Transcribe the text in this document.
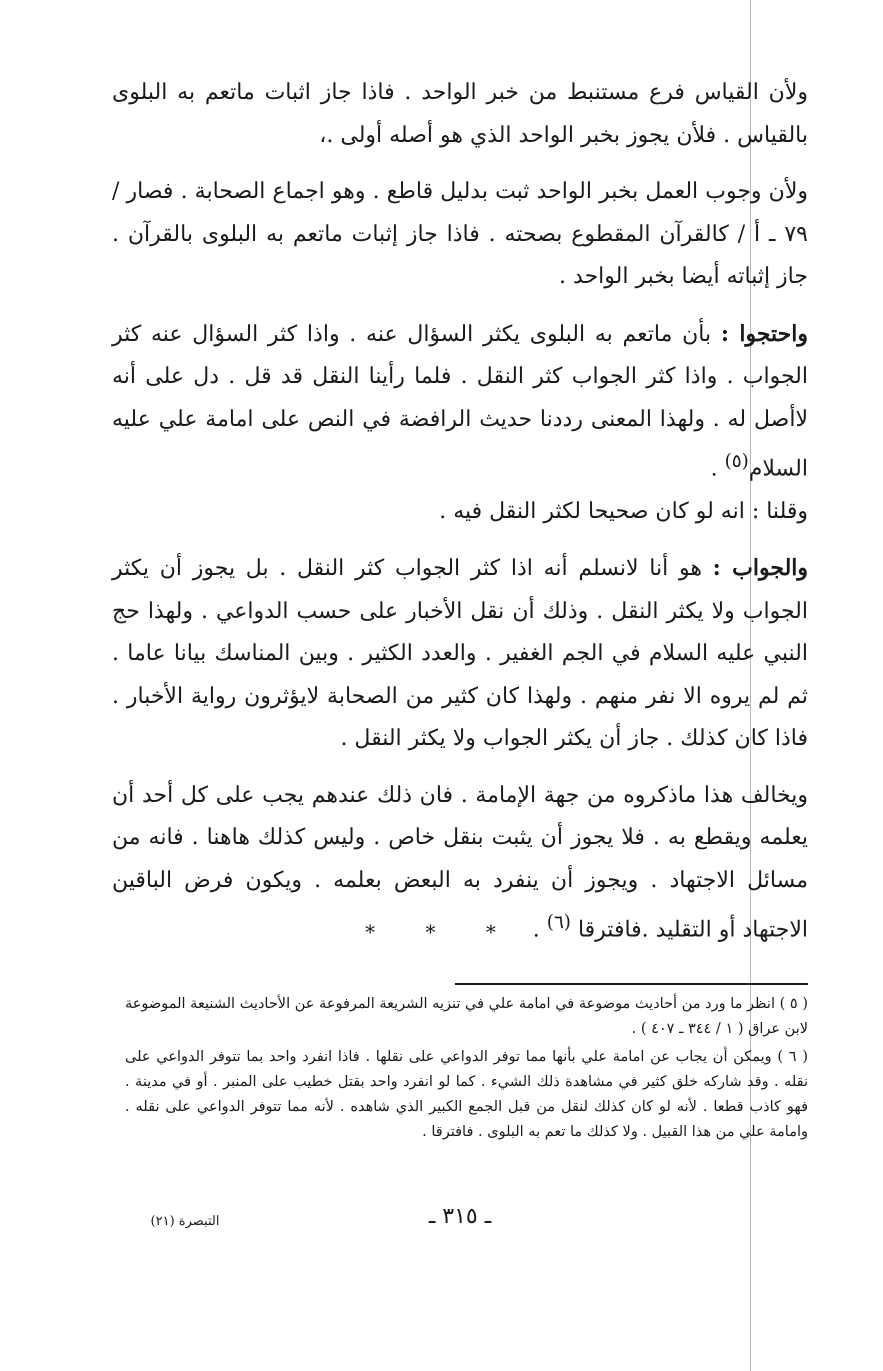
ولأن القياس فرع مستنبط من خبر الواحد . فاذا جاز اثبات ماتعم به البلوى بالقياس . فلأن يجوز بخبر الواحد الذي هو أصله أولى .،

ولأن وجوب العمل بخبر الواحد ثبت بدليل قاطع . وهو اجماع الصحابة . فصار / ٧٩ ـ أ / كالقرآن المقطوع بصحته . فاذا جاز إثبات ماتعم به البلوى بالقرآن . جاز إثباته أيضا بخبر الواحد .

واحتجوا : بأن ماتعم به البلوى يكثر السؤال عنه . واذا كثر السؤال عنه كثر الجواب . واذا كثر الجواب كثر النقل . فلما رأينا النقل قد قل . دل على أنه لاأصل له . ولهذا المعنى رددنا حديث الرافضة في النص على امامة علي عليه السلام$^{(٥)}$ .
وقلنا : انه لو كان صحيحا لكثر النقل فيه .

والجواب : هو أنا لانسلم أنه اذا كثر الجواب كثر النقل . بل يجوز أن يكثر الجواب ولا يكثر النقل . وذلك أن نقل الأخبار على حسب الدواعي . ولهذا حج النبي عليه السلام في الجم الغفير . والعدد الكثير . وبين المناسك بيانا عاما . ثم لم يروه الا نفر منهم . ولهذا كان كثير من الصحابة لايؤثرون رواية الأخبار . فاذا كان كذلك . جاز أن يكثر الجواب ولا يكثر النقل .

ويخالف هذا ماذكروه من جهة الإمامة . فان ذلك عندهم يجب على كل أحد أن يعلمه ويقطع به . فلا يجوز أن يثبت بنقل خاص . وليس كذلك هاهنا . فانه من مسائل الاجتهاد . ويجوز أن ينفرد به البعض بعلمه . ويكون فرض الباقين الاجتهاد أو التقليد .فافترقا $^{(٦)}$ .

* * *

( ٥ ) انظر ما ورد من أحاديث موضوعة في امامة علي في تنزيه الشريعة المرفوعة عن الأحاديث الشنيعة الموضوعة لابن عراق ( ١ / ٣٤٤ ـ ٤٠٧ ) .

( ٦ ) ويمكن أن يجاب عن امامة علي بأنها مما توفر الدواعي على نقلها . فاذا انفرد واحد بما تتوفر الدواعي على نقله . وقد شاركه خلق كثير في مشاهدة ذلك الشيء . كما لو انفرد واحد بقتل خطيب على المنبر . أو في مدينة . فهو كاذب قطعا . لأنه لو كان كذلك لنقل من قبل الجمع الكبير الذي شاهده . لأنه مما تتوفر الدواعي على نقله . وامامة علي من هذا القبيل . ولا كذلك ما تعم به البلوى . فافترقا .

ـ ٣١٥ ـ
التبصرة (٢١)
